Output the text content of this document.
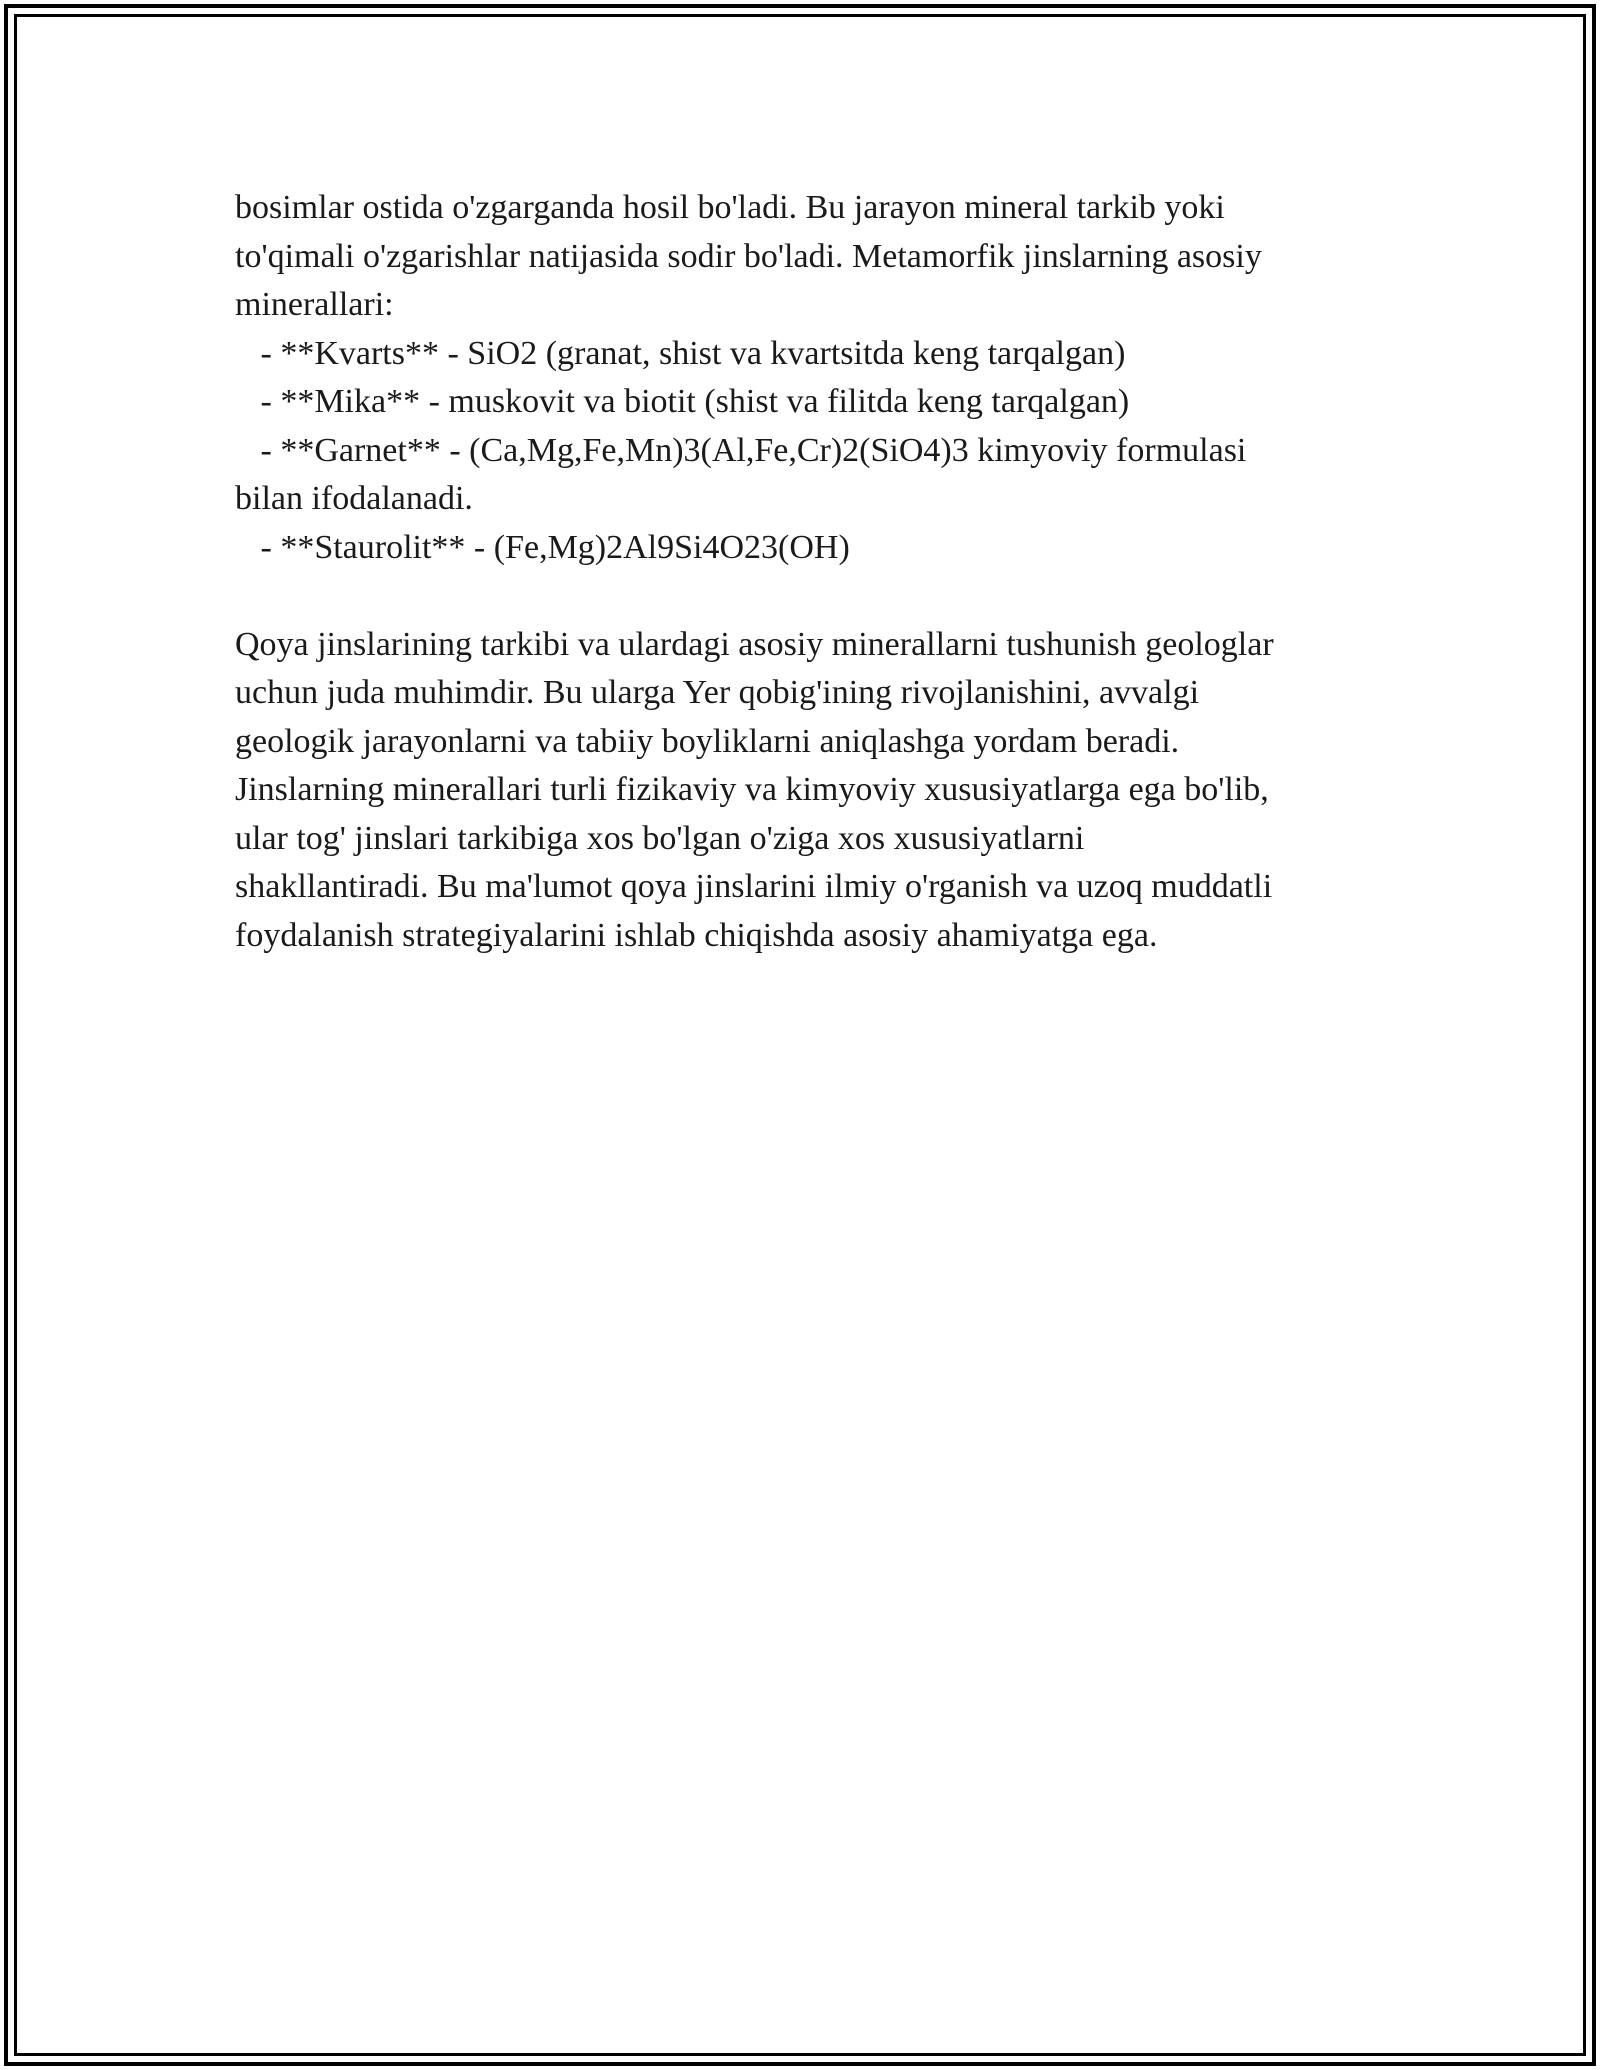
bosimlar ostida o'zgarganda hosil bo'ladi. Bu jarayon mineral tarkib yoki
to'qimali o'zgarishlar natijasida sodir bo'ladi. Metamorfik jinslarning asosiy
minerallari:
- **Kvarts** - SiO2 (granat, shist va kvartsitda keng tarqalgan)
- **Mika** - muskovit va biotit (shist va filitda keng tarqalgan)
- **Garnet** - (Ca,Mg,Fe,Mn)3(Al,Fe,Cr)2(SiO4)3 kimyoviy formulasi
bilan ifodalanadi.
- **Staurolit** - (Fe,Mg)2Al9Si4O23(OH)
Qoya jinslarining tarkibi va ulardagi asosiy minerallarni tushunish geologlar
uchun juda muhimdir. Bu ularga Yer qobig'ining rivojlanishini, avvalgi
geologik jarayonlarni va tabiiy boyliklarni aniqlashga yordam beradi.
Jinslarning minerallari turli fizikaviy va kimyoviy xususiyatlarga ega bo'lib,
ular tog' jinslari tarkibiga xos bo'lgan o'ziga xos xususiyatlarni
shakllantiradi. Bu ma'lumot qoya jinslarini ilmiy o'rganish va uzoq muddatli
foydalanish strategiyalarini ishlab chiqishda asosiy ahamiyatga ega.
